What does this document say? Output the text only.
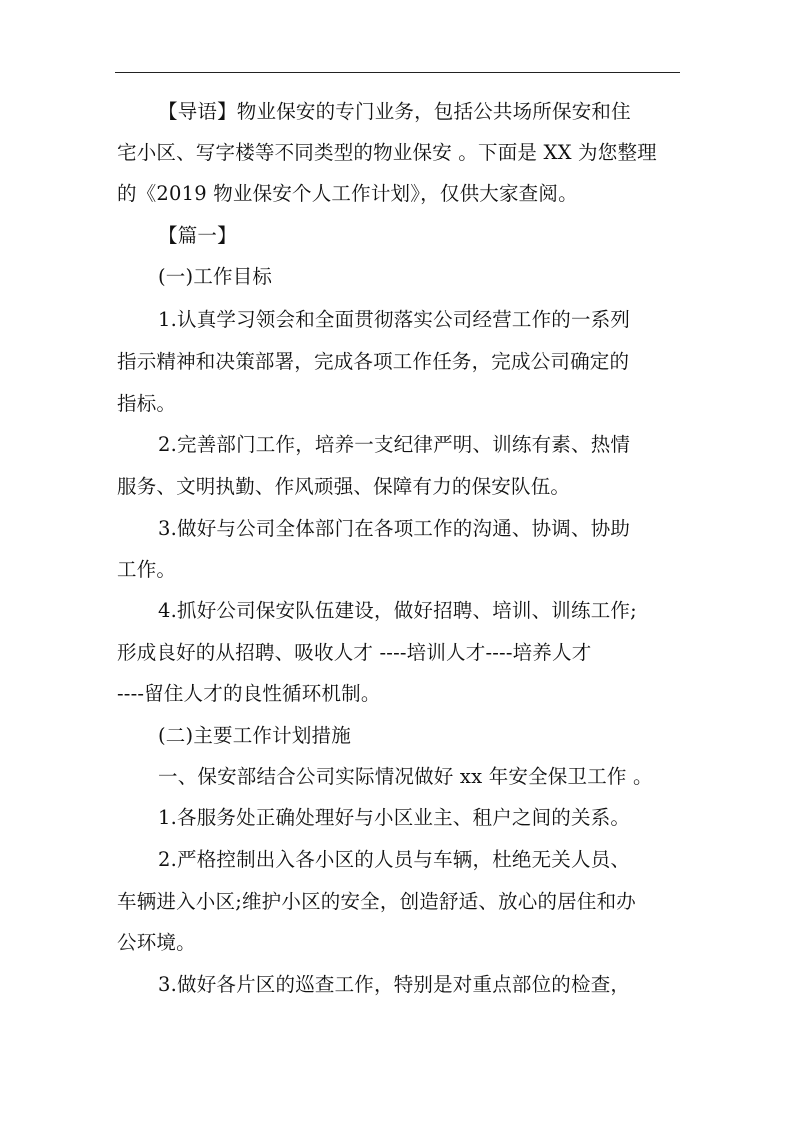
【导语】物业保安的专门业务，包括公共场所保安和住
宅小区、写字楼等不同类型的物业保安 。下面是 XX 为您整理
的《2019 物业保安个人工作计划》，仅供大家查阅。
【篇一】
(一)工作目标
1.认真学习领会和全面贯彻落实公司经营工作的一系列
指示精神和决策部署，完成各项工作任务，完成公司确定的
指标。
2.完善部门工作，培养一支纪律严明、训练有素、热情
服务、文明执勤、作风顽强、保障有力的保安队伍。
3.做好与公司全体部门在各项工作的沟通、协调、协助
工作。
4.抓好公司保安队伍建设，做好招聘、培训、训练工作;
形成良好的从招聘、吸收人才 ----培训人才----培养人才
----留住人才的良性循环机制。
(二)主要工作计划措施
一、保安部结合公司实际情况做好 xx 年安全保卫工作 。
1.各服务处正确处理好与小区业主、租户之间的关系。
2.严格控制出入各小区的人员与车辆，杜绝无关人员、
车辆进入小区;维护小区的安全，创造舒适、放心的居住和办
公环境。
3.做好各片区的巡查工作，特别是对重点部位的检查，
